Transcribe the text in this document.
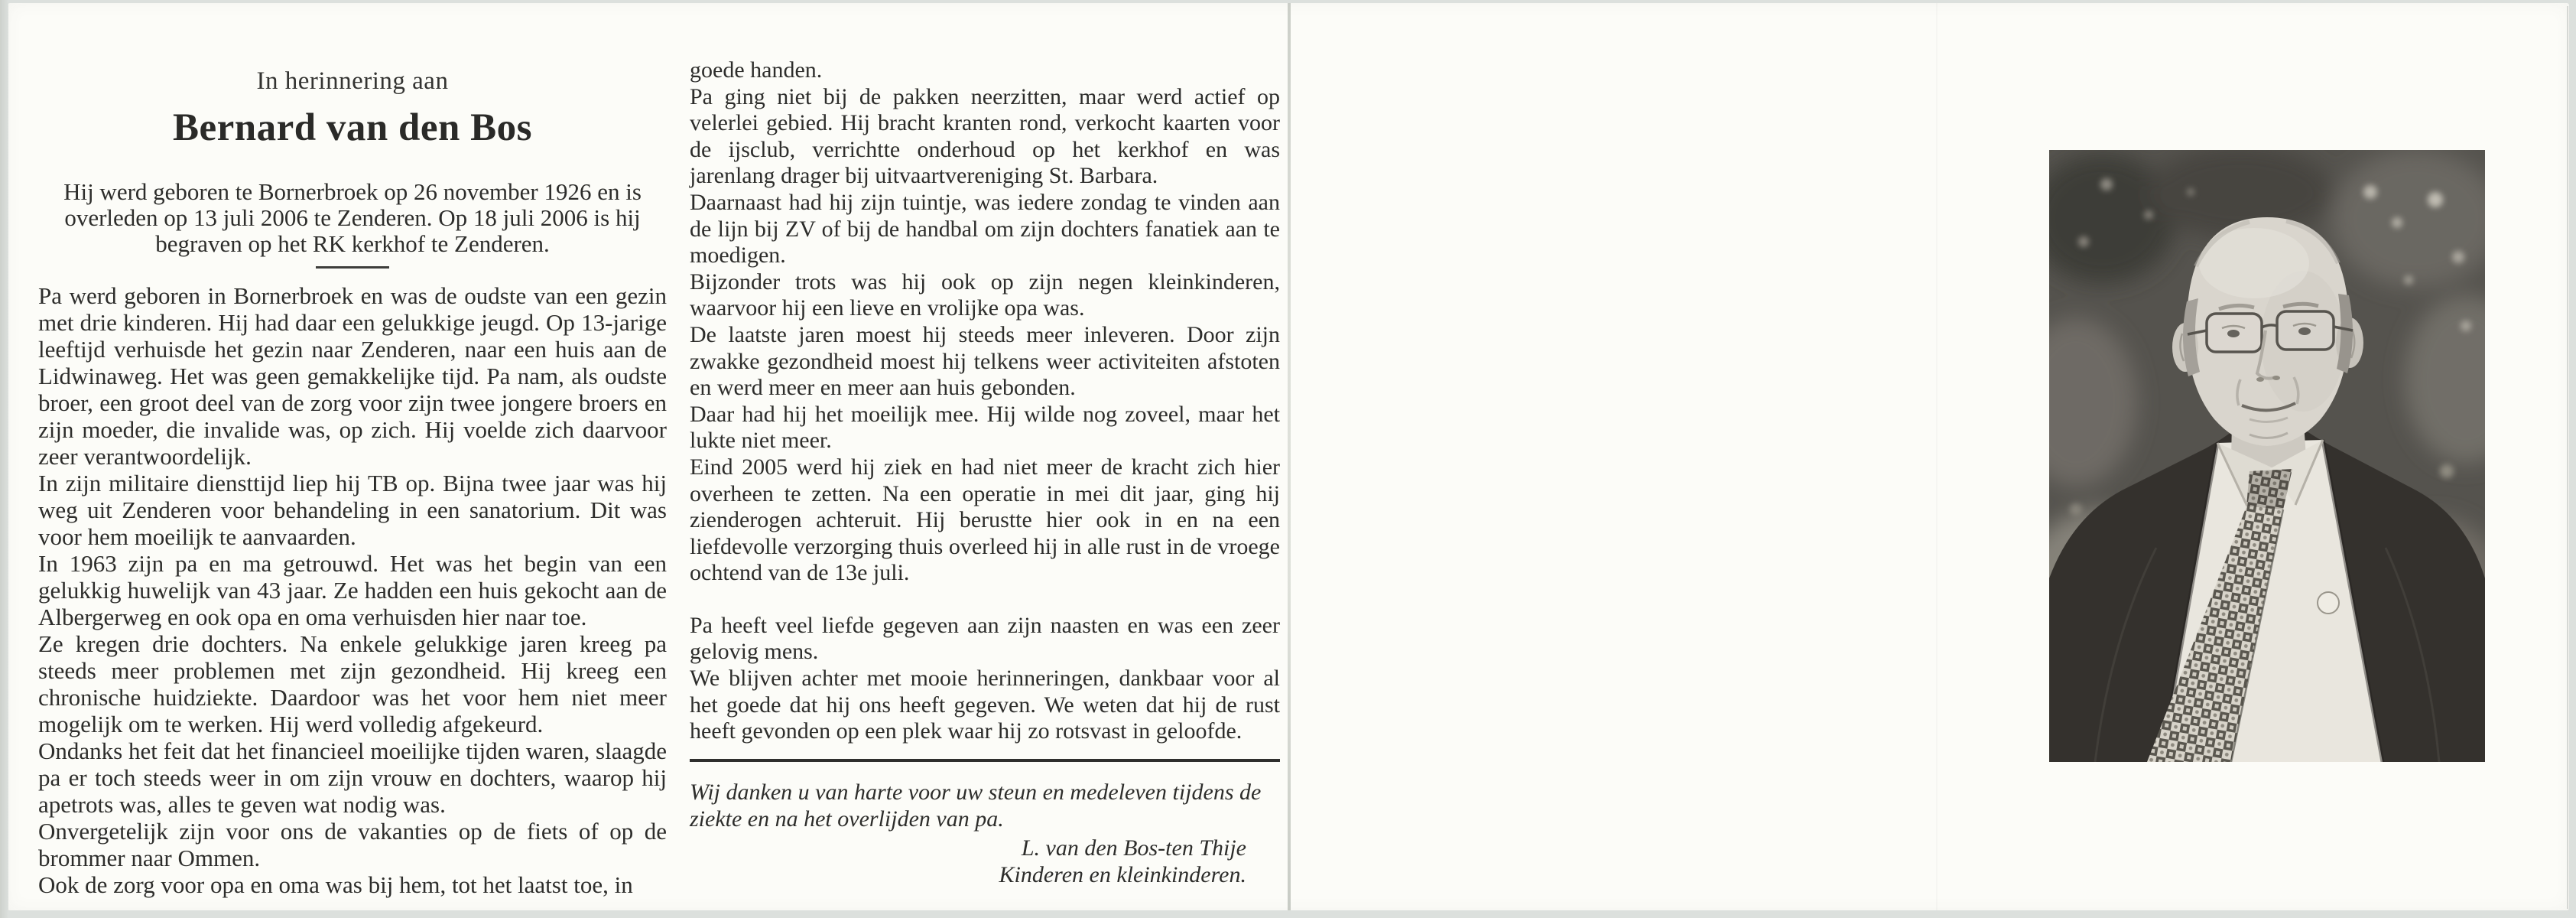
In herinnering aan
Bernard van den Bos
Hij werd geboren te Bornerbroek op 26 november 1926 en is overleden op 13 juli 2006 te Zenderen. Op 18 juli 2006 is hij begraven op het RK kerkhof te Zenderen.

Pa werd geboren in Bornerbroek en was de oudste van een gezin met drie kinderen. Hij had daar een gelukkige jeugd. Op 13-jarige leeftijd verhuisde het gezin naar Zenderen, naar een huis aan de Lidwinaweg. Het was geen gemakkelijke tijd. Pa nam, als oudste broer, een groot deel van de zorg voor zijn twee jongere broers en zijn moeder, die invalide was, op zich. Hij voelde zich daarvoor zeer verantwoordelijk.

In zijn militaire diensttijd liep hij TB op. Bijna twee jaar was hij weg uit Zenderen voor behandeling in een sanatorium. Dit was voor hem moeilijk te aanvaarden.

In 1963 zijn pa en ma getrouwd. Het was het begin van een gelukkig huwelijk van 43 jaar. Ze hadden een huis gekocht aan de Albergerweg en ook opa en oma verhuisden hier naar toe.

Ze kregen drie dochters. Na enkele gelukkige jaren kreeg pa steeds meer problemen met zijn gezondheid. Hij kreeg een chronische huidziekte. Daardoor was het voor hem niet meer mogelijk om te werken. Hij werd volledig afgekeurd.

Ondanks het feit dat het financieel moeilijke tijden waren, slaagde pa er toch steeds weer in om zijn vrouw en dochters, waarop hij apetrots was, alles te geven wat nodig was.

Onvergetelijk zijn voor ons de vakanties op de fiets of op de brommer naar Ommen.

Ook de zorg voor opa en oma was bij hem, tot het laatst toe, in

goede handen.

Pa ging niet bij de pakken neerzitten, maar werd actief op velerlei gebied. Hij bracht kranten rond, verkocht kaarten voor de ijsclub, verrichtte onderhoud op het kerkhof en was jarenlang drager bij uitvaartvereniging St. Barbara.

Daarnaast had hij zijn tuintje, was iedere zondag te vinden aan de lijn bij ZV of bij de handbal om zijn dochters fanatiek aan te moedigen.

Bijzonder trots was hij ook op zijn negen kleinkinderen, waarvoor hij een lieve en vrolijke opa was.

De laatste jaren moest hij steeds meer inleveren. Door zijn zwakke gezondheid moest hij telkens weer activiteiten afstoten en werd meer en meer aan huis gebonden.

Daar had hij het moeilijk mee. Hij wilde nog zoveel, maar het lukte niet meer.

Eind 2005 werd hij ziek en had niet meer de kracht zich hier overheen te zetten. Na een operatie in mei dit jaar, ging hij zienderogen achteruit. Hij berustte hier ook in en na een liefdevolle verzorging thuis overleed hij in alle rust in de vroege ochtend van de 13e juli.

Pa heeft veel liefde gegeven aan zijn naasten en was een zeer gelovig mens.

We blijven achter met mooie herinneringen, dankbaar voor al het goede dat hij ons heeft gegeven. We weten dat hij de rust heeft gevonden op een plek waar hij zo rotsvast in geloofde.

Wij danken u van harte voor uw steun en medeleven tijdens de ziekte en na het overlijden van pa.
L. van den Bos-ten Thije
Kinderen en kleinkinderen.
